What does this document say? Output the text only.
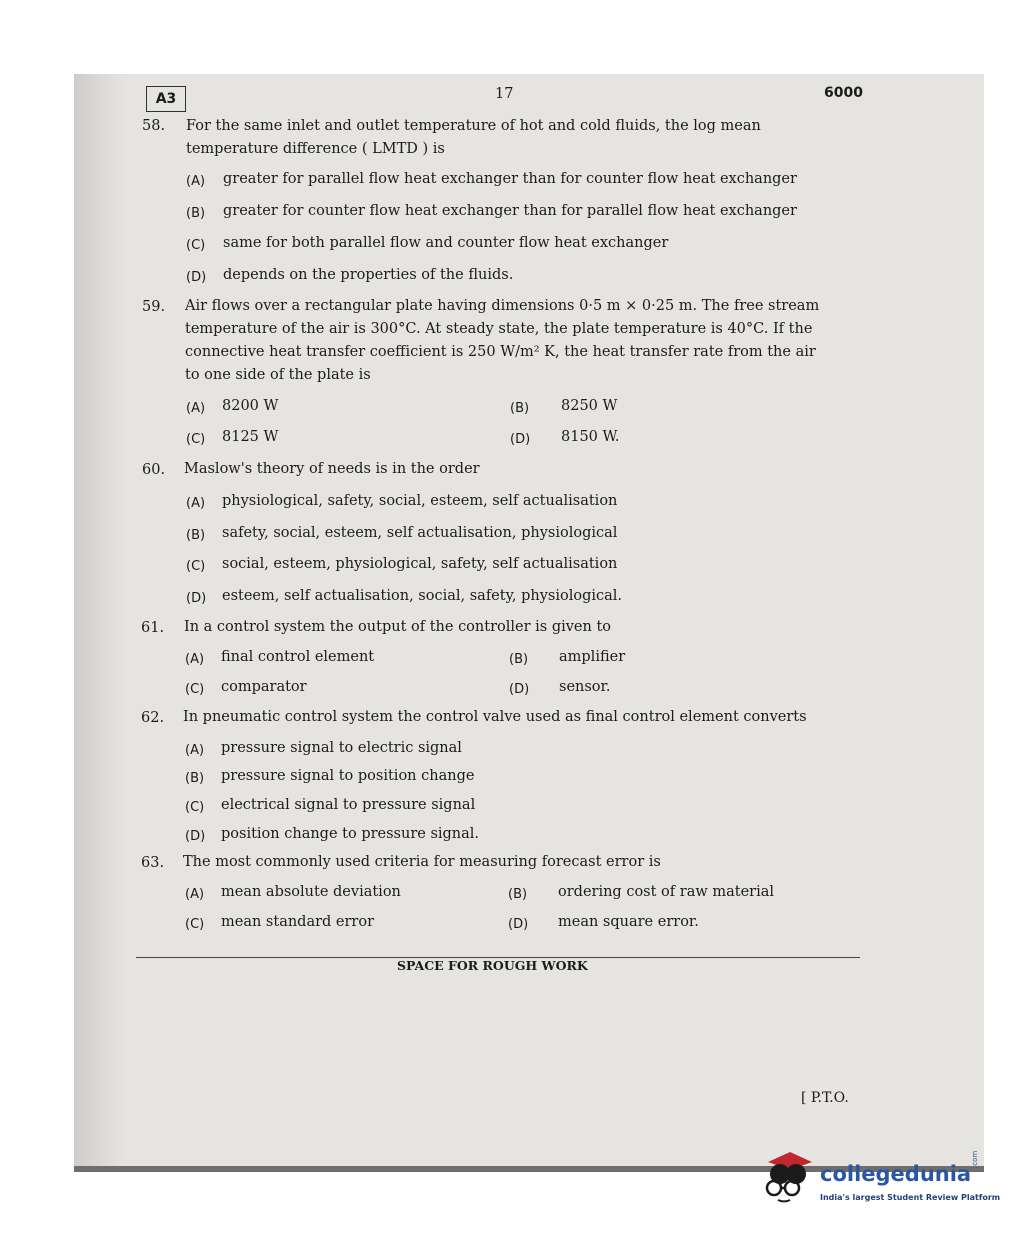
A3	17	6000
58. For the same inlet and outlet temperature of hot and cold fluids, the log mean
temperature difference ( LMTD ) is
(A) greater for parallel flow heat exchanger than for counter flow heat exchanger
(B) greater for counter flow heat exchanger than for parallel flow heat exchanger
(C) same for both parallel flow and counter flow heat exchanger
(D) depends on the properties of the fluids.
59. Air flows over a rectangular plate having dimensions 0·5 m × 0·25 m. The free stream
temperature of the air is 300°C. At steady state, the plate temperature is 40°C. If the
connective heat transfer coefficient is 250 W/m² K, the heat transfer rate from the air
to one side of the plate is
(A) 8200 W	(B) 8250 W
(C) 8125 W	(D) 8150 W.
60. Maslow's theory of needs is in the order
(A) physiological, safety, social, esteem, self actualisation
(B) safety, social, esteem, self actualisation, physiological
(C) social, esteem, physiological, safety, self actualisation
(D) esteem, self actualisation, social, safety, physiological.
61. In a control system the output of the controller is given to
(A) final control element	(B) amplifier
(C) comparator	(D) sensor.
62. In pneumatic control system the control valve used as final control element converts
(A) pressure signal to electric signal
(B) pressure signal to position change
(C) electrical signal to pressure signal
(D) position change to pressure signal.
63. The most commonly used criteria for measuring forecast error is
(A) mean absolute deviation	(B) ordering cost of raw material
(C) mean standard error	(D) mean square error.
SPACE FOR ROUGH WORK
[ P.T.O.
collegedunia
.com
India's largest Student Review Platform
